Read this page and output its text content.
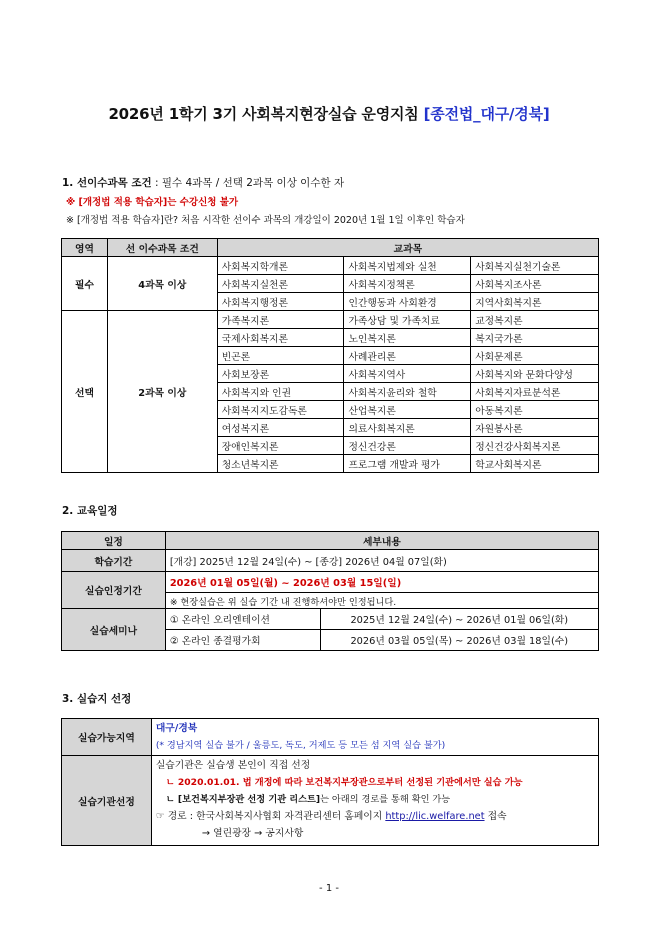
2026년 1학기 3기 사회복지현장실습 운영지침 [종전법_대구/경북]
1. 선이수과목 조건 : 필수 4과목 / 선택 2과목 이상 이수한 자
※ [개정법 적용 학습자]는 수강신청 불가
※ [개정법 적용 학습자]란? 처음 시작한 선이수 과목의 개강일이 2020년 1월 1일 이후인 학습자
영역	선 이수과목 조건	교과목		
필수	4과목 이상	사회복지학개론	사회복지법제와 실천	사회복지실천기술론
		사회복지실천론	사회복지정책론	사회복지조사론
		사회복지행정론	인간행동과 사회환경	지역사회복지론
선택	2과목 이상	가족복지론	가족상담 및 가족치료	교정복지론
		국제사회복지론	노인복지론	복지국가론
		빈곤론	사례관리론	사회문제론
		사회보장론	사회복지역사	사회복지와 문화다양성
		사회복지와 인권	사회복지윤리와 철학	사회복지자료분석론
		사회복지지도감독론	산업복지론	아동복지론
		여성복지론	의료사회복지론	자원봉사론
		장애인복지론	정신건강론	정신건강사회복지론
		청소년복지론	프로그램 개발과 평가	학교사회복지론
2. 교육일정
일정	세부내용	
학습기간	[개강] 2025년 12월 24일(수) ~ [종강] 2026년 04월 07일(화)	
실습인정기간	2026년 01월 05일(월) ~ 2026년 03월 15일(일)	
	※ 현장실습은 위 실습 기간 내 진행하셔야만 인정됩니다.	
실습세미나	① 온라인 오리엔테이션	2025년 12월 24일(수) ~ 2026년 01월 06일(화)
	② 온라인 종결평가회	2026년 03월 05일(목) ~ 2026년 03월 18일(수)
3. 실습지 선정
실습가능지역	대구/경북
(* 경남지역 실습 불가 / 울릉도, 독도, 거제도 등 모든 섬 지역 실습 불가)

실습기관선정	실습기관은 실습생 본인이 직접 선정
ㄴ 2020.01.01. 법 개정에 따라 보건복지부장관으로부터 선정된 기관에서만 실습 가능
ㄴ [보건복지부장관 선정 기관 리스트]는 아래의 경로를 통해 확인 가능
☞ 경로 : 한국사회복지사협회 자격관리센터 홈페이지 http://lic.welfare.net 접속
→ 열린광장 → 공지사항
- 1 -
